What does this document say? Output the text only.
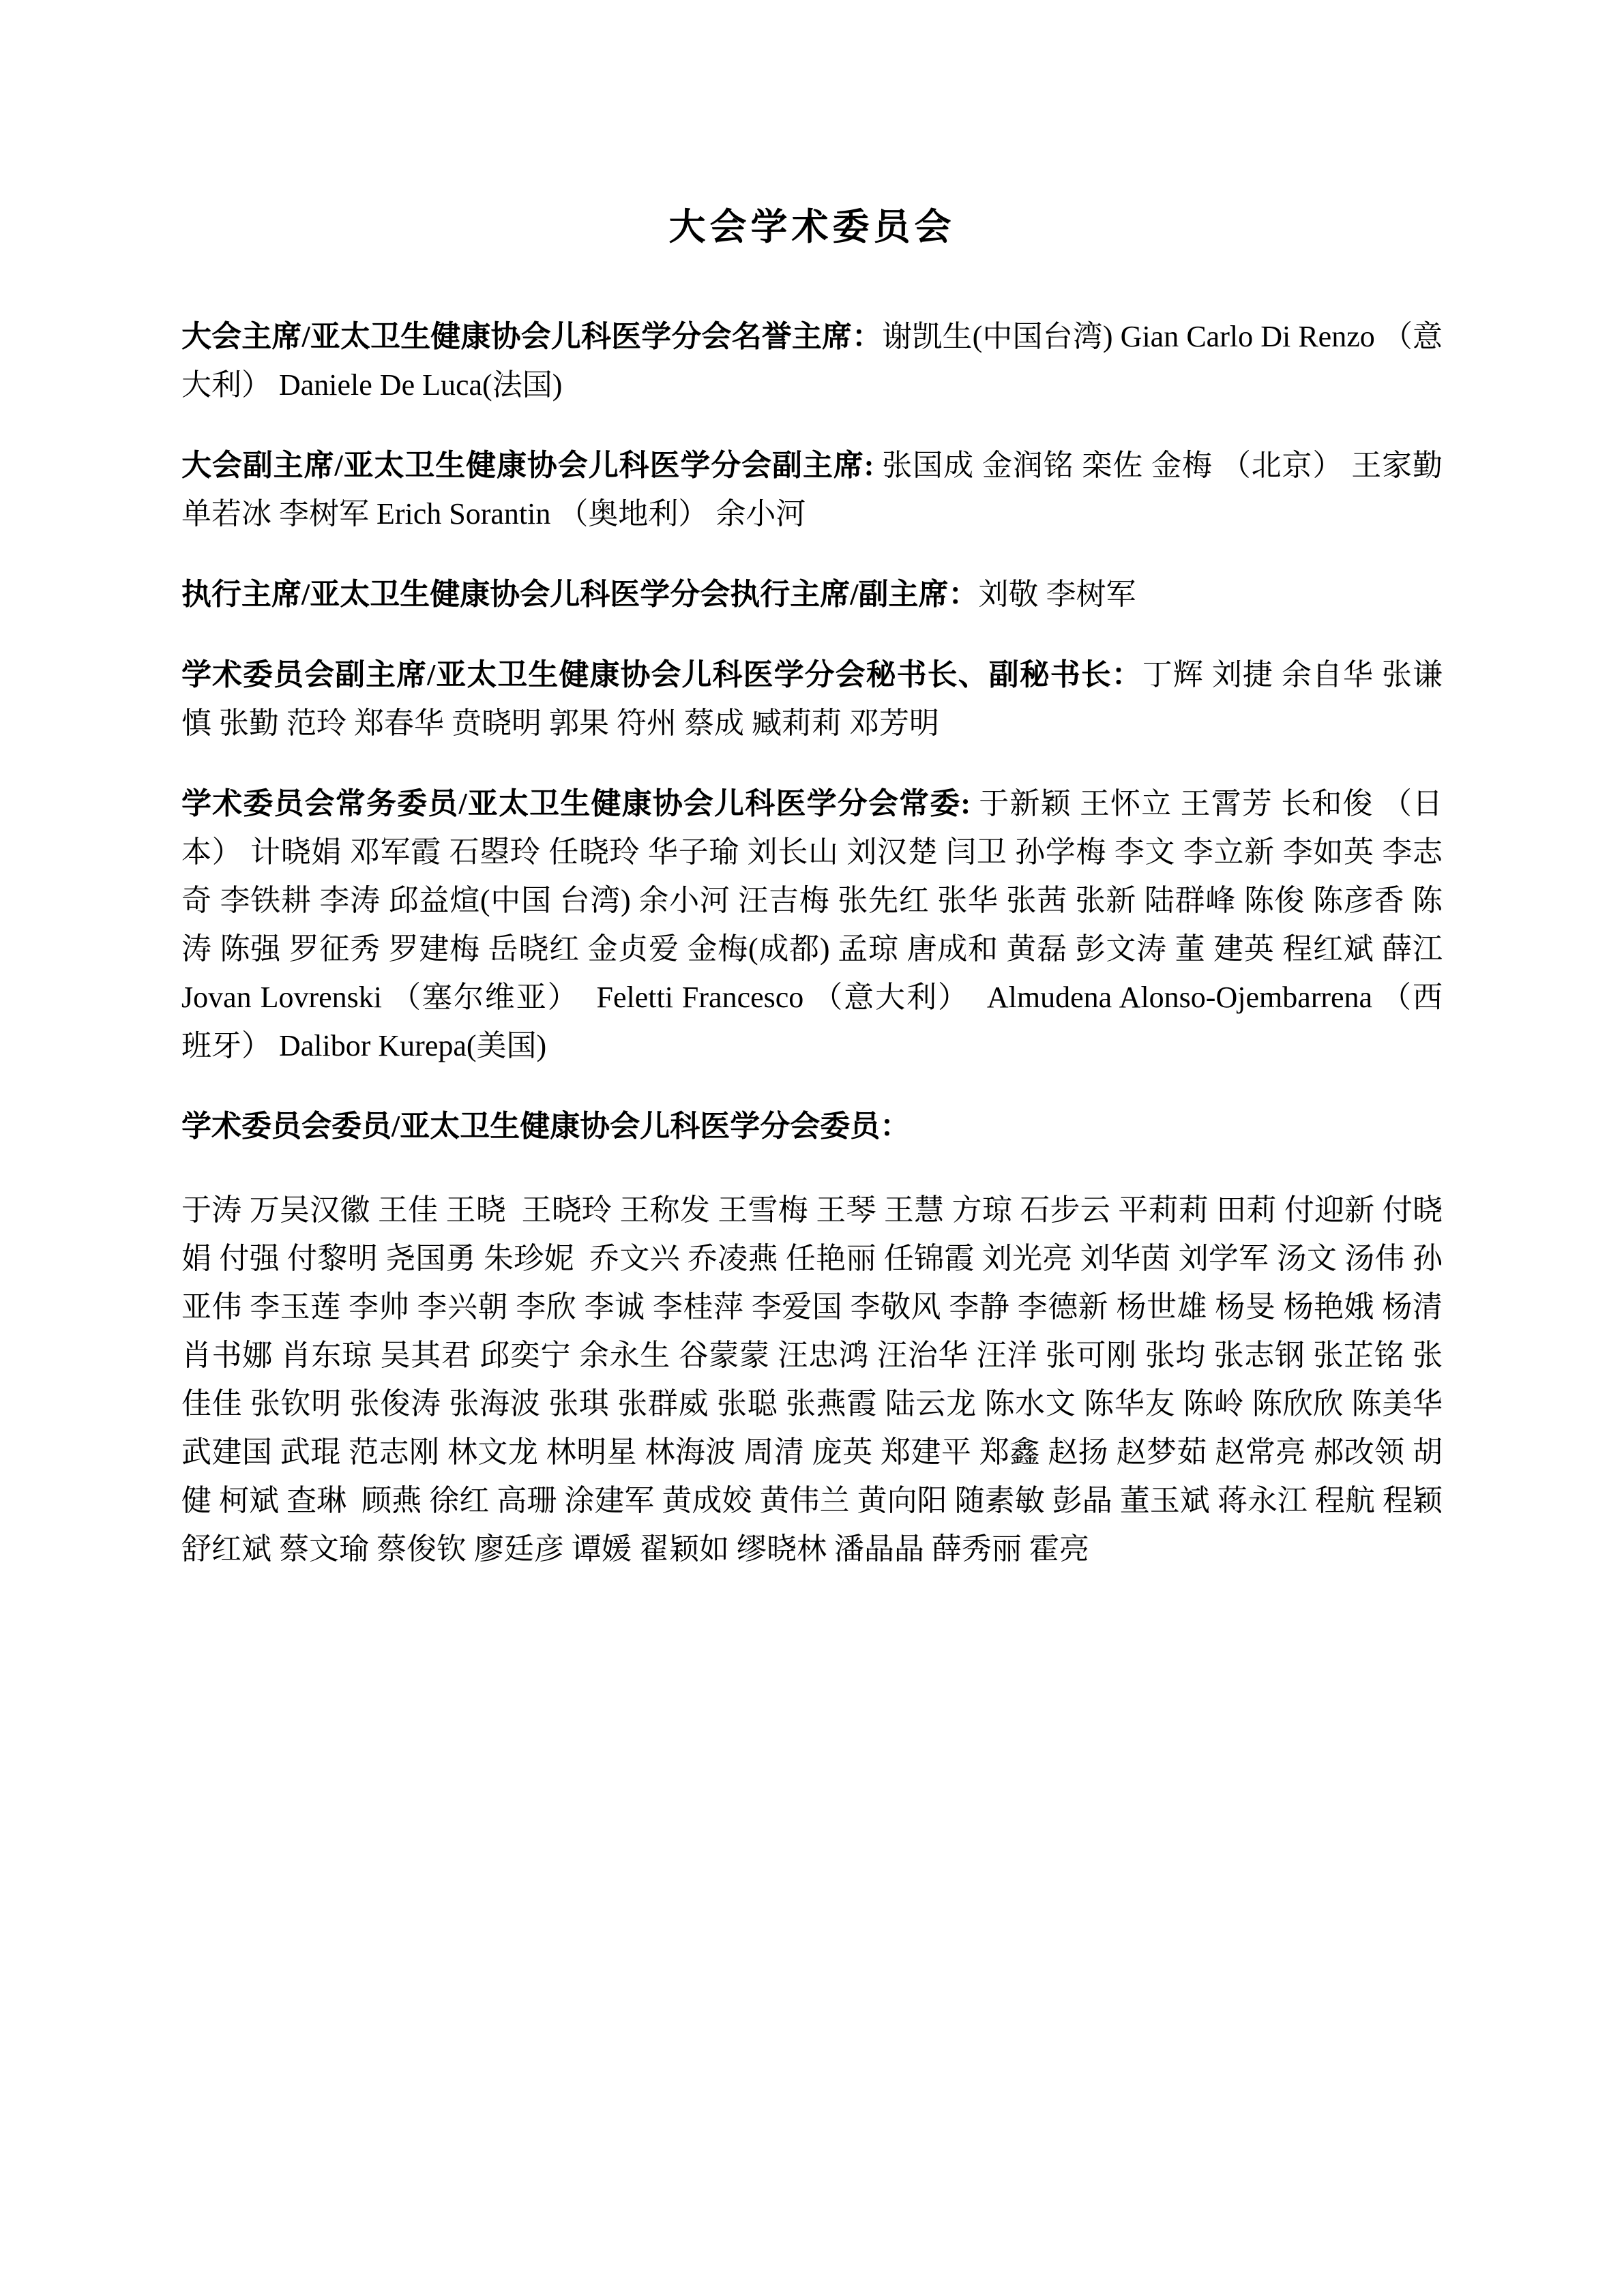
大会学术委员会

大会主席/亚太卫生健康协会儿科医学分会名誉主席：谢凯生(中国台湾) Gian Carlo Di Renzo （意大利） Daniele De Luca(法国)

大会副主席/亚太卫生健康协会儿科医学分会副主席: 张国成 金润铭 栾佐 金梅 （北京） 王家勤 单若冰 李树军 Erich Sorantin （奥地利） 余小河

执行主席/亚太卫生健康协会儿科医学分会执行主席/副主席：刘敬 李树军

学术委员会副主席/亚太卫生健康协会儿科医学分会秘书长、副秘书长：丁辉 刘捷 余自华 张谦慎 张勤 范玲 郑春华 贲晓明 郭果 符州 蔡成 臧莉莉 邓芳明

学术委员会常务委员/亚太卫生健康协会儿科医学分会常委: 于新颖 王怀立 王霄芳 长和俊 （日本） 计晓娟 邓军霞 石曌玲 任晓玲 华子瑜 刘长山 刘汉楚 闫卫 孙学梅 李文 李立新 李如英 李志奇 李铁耕 李涛 邱益煊(中国 台湾) 余小河 汪吉梅 张先红 张华 张茜 张新 陆群峰 陈俊 陈彦香 陈涛 陈强 罗征秀 罗建梅 岳晓红 金贞爱 金梅(成都) 孟琼 唐成和 黄磊 彭文涛 董 建英 程红斌 薛江  Jovan Lovrenski （塞尔维亚）  Feletti Francesco （意大利）  Almudena Alonso-Ojembarrena （西班牙） Dalibor Kurepa(美国)

学术委员会委员/亚太卫生健康协会儿科医学分会委员：

于涛 万吴汉徽 王佳 王晓  王晓玲 王称发 王雪梅 王琴 王慧 方琼 石步云 平莉莉 田莉 付迎新 付晓娟 付强 付黎明 尧国勇 朱珍妮  乔文兴 乔凌燕 任艳丽 任锦霞 刘光亮 刘华茵 刘学军 汤文 汤伟 孙亚伟 李玉莲 李帅 李兴朝 李欣 李诚 李桂萍 李爱国 李敬风 李静 李德新 杨世雄 杨旻 杨艳娥 杨清 肖书娜 肖东琼 吴其君 邱奕宁 余永生 谷蒙蒙 汪忠鸿 汪治华 汪洋 张可刚 张均 张志钢 张芷铭 张佳佳 张钦明 张俊涛 张海波 张琪 张群威 张聪 张燕霞 陆云龙 陈水文 陈华友 陈岭 陈欣欣 陈美华 武建国 武琨 范志刚 林文龙 林明星 林海波 周清 庞英 郑建平 郑鑫 赵扬 赵梦茹 赵常亮 郝改领 胡健 柯斌 查琳  顾燕 徐红 高珊 涂建军 黄成姣 黄伟兰 黄向阳 随素敏 彭晶 董玉斌 蒋永江 程航 程颖 舒红斌 蔡文瑜 蔡俊钦 廖廷彦 谭媛 翟颖如 缪晓林 潘晶晶 薛秀丽 霍亮
